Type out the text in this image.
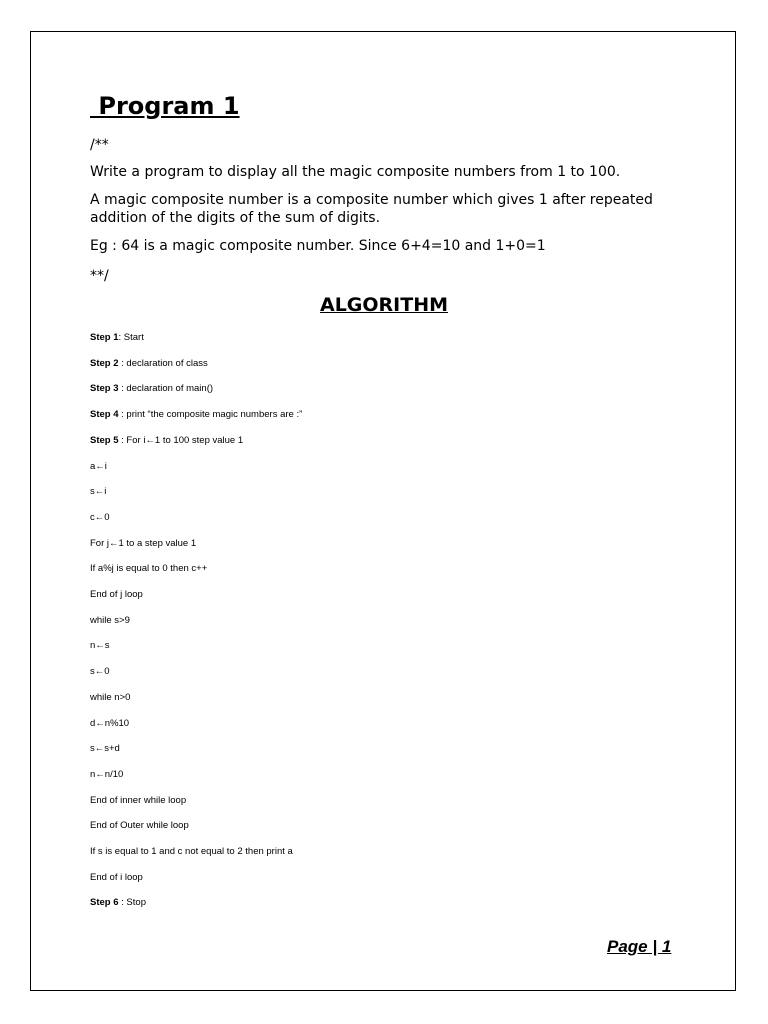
Program 1
/**
Write a program to display all the magic composite numbers from 1 to 100.
A magic composite number is a composite number which gives 1 after repeated addition of the digits of the sum of digits.
Eg : 64 is a magic composite number. Since 6+4=10 and 1+0=1
**/
ALGORITHM
Step 1: Start
Step 2 : declaration of class
Step 3 : declaration of main()
Step 4 : print “the composite magic numbers are :”
Step 5 : For i←1 to 100 step value 1
a←i
s←i
c←0
For j←1 to a step value 1
If a%j is equal to 0 then c++
End of j loop
while s>9
n←s
s←0
while n>0
d←n%10
s←s+d
n←n/10
End of inner while loop
End of Outer while loop
If s is equal to 1 and c not equal to 2 then print a
End of i loop
Step 6 : Stop
Page | 1
